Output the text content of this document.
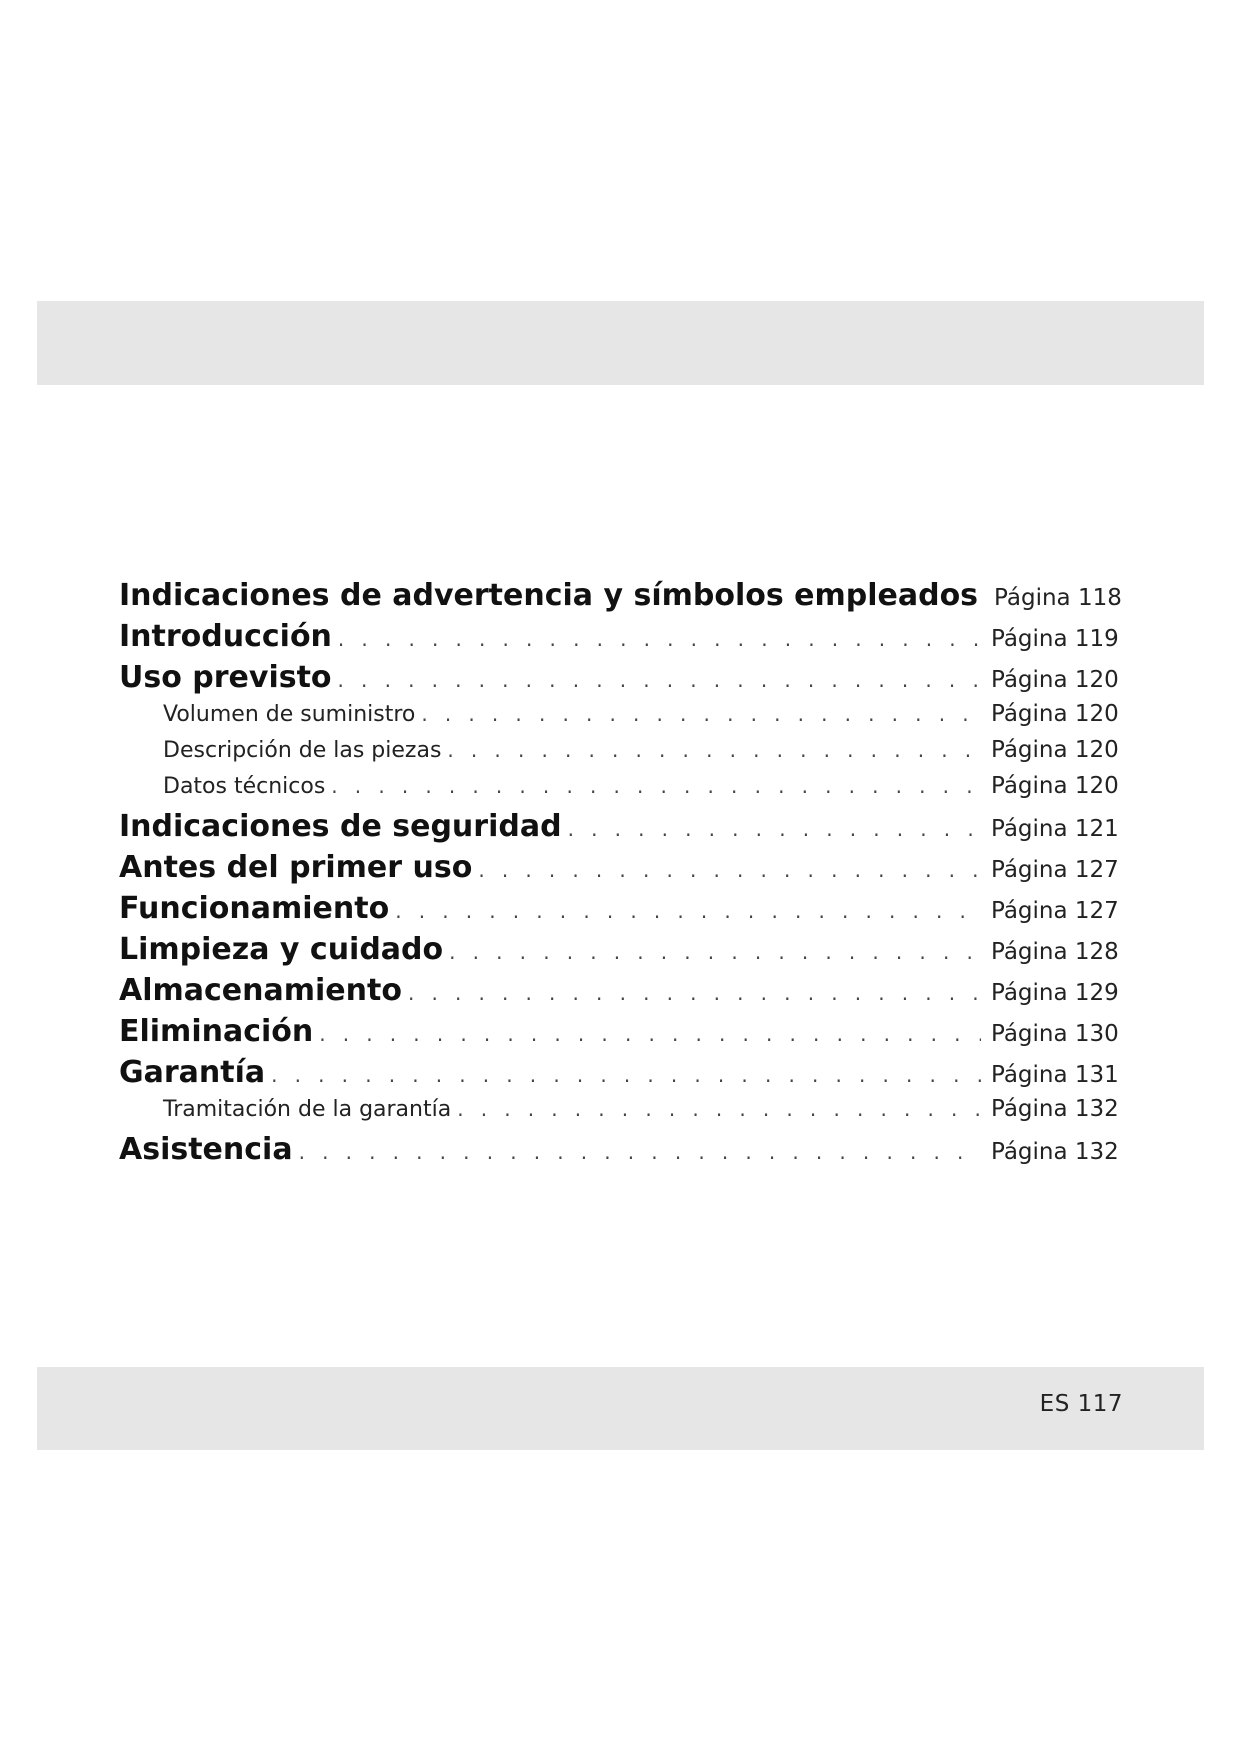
Indicaciones de advertencia y símbolos empleados Página 118
Introducción . . .	Página 119
Uso previsto . . .	Página 120
Volumen de suministro . . .	Página 120
Descripción de las piezas . . .	Página 120
Datos técnicos . . .	Página 120
Indicaciones de seguridad . . .	Página 121
Antes del primer uso . . .	Página 127
Funcionamiento . . .	Página 127
Limpieza y cuidado . . .	Página 128
Almacenamiento . . .	Página 129
Eliminación . . .	Página 130
Garantía . . .	Página 131
Tramitación de la garantía . . .	Página 132
Asistencia . . .	Página 132
ES 117
